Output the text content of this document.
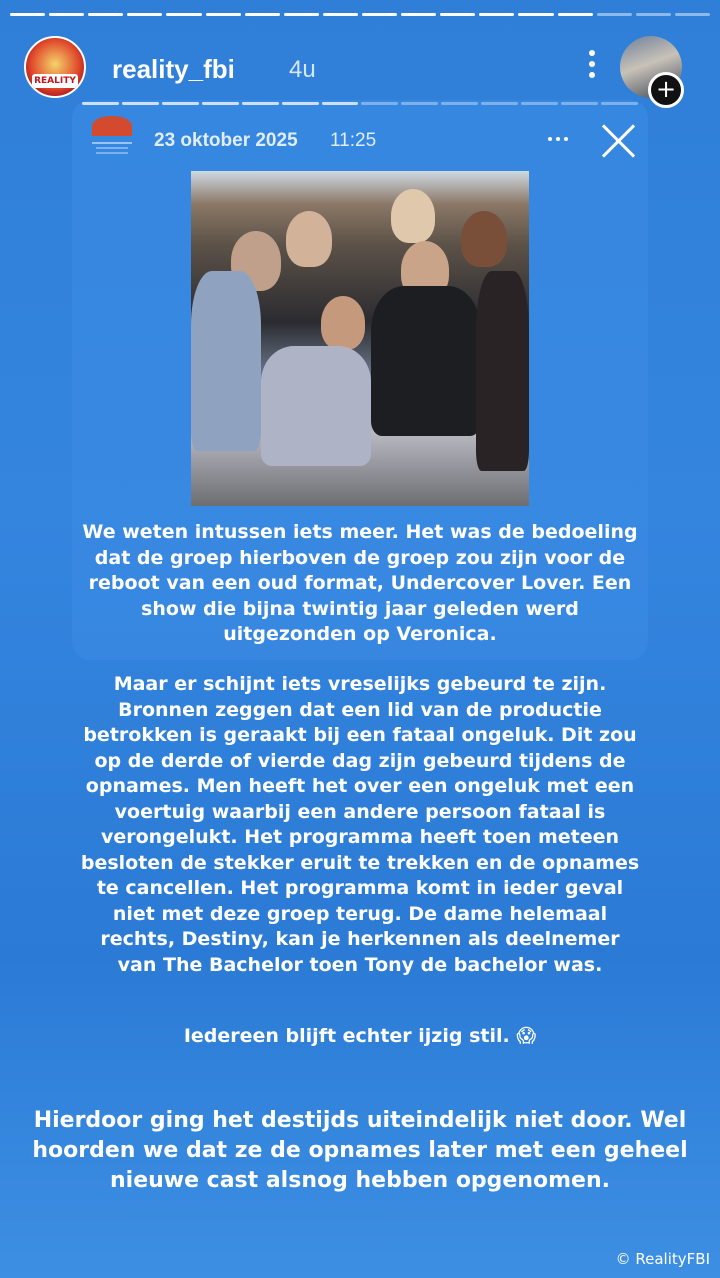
REALITY reality_fbi 4u
+
23 oktober 2025 11:25
We weten intussen iets meer. Het was de bedoeling dat de groep hierboven de groep zou zijn voor de reboot van een oud format, Undercover Lover. Een show die bijna twintig jaar geleden werd uitgezonden op Veronica.
Maar er schijnt iets vreselijks gebeurd te zijn. Bronnen zeggen dat een lid van de productie betrokken is geraakt bij een fataal ongeluk. Dit zou op de derde of vierde dag zijn gebeurd tijdens de opnames. Men heeft het over een ongeluk met een voertuig waarbij een andere persoon fataal is verongelukt. Het programma heeft toen meteen besloten de stekker eruit te trekken en de opnames te cancellen. Het programma komt in ieder geval niet met deze groep terug. De dame helemaal rechts, Destiny, kan je herkennen als deelnemer van The Bachelor toen Tony de bachelor was.
Iedereen blijft echter ijzig stil. 😱
Hierdoor ging het destijds uiteindelijk niet door. Wel hoorden we dat ze de opnames later met een geheel nieuwe cast alsnog hebben opgenomen.
© RealityFBI
